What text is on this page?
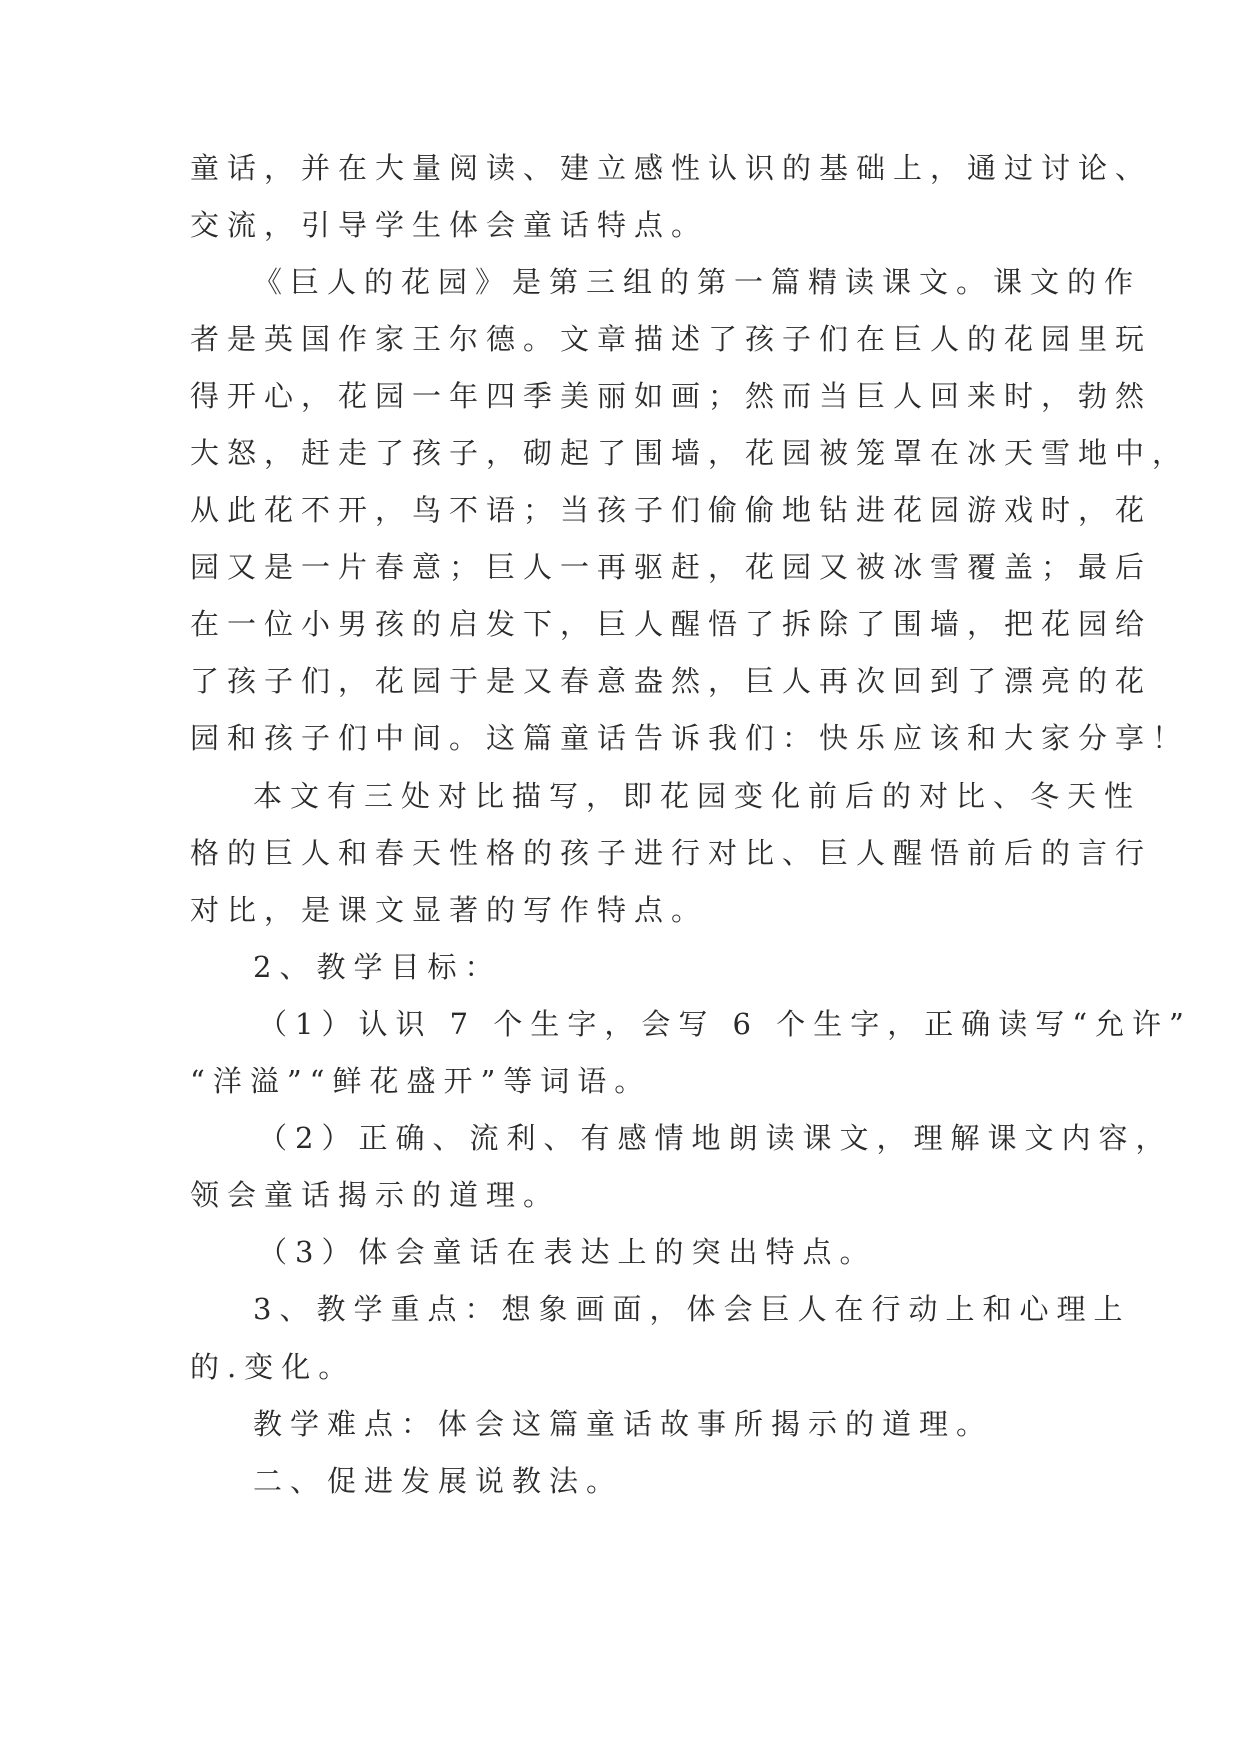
童话，并在大量阅读、建立感性认识的基础上，通过讨论、
交流，引导学生体会童话特点。
《巨人的花园》是第三组的第一篇精读课文。课文的作
者是英国作家王尔德。文章描述了孩子们在巨人的花园里玩
得开心，花园一年四季美丽如画；然而当巨人回来时，勃然
大怒，赶走了孩子，砌起了围墙，花园被笼罩在冰天雪地中，
从此花不开，鸟不语；当孩子们偷偷地钻进花园游戏时，花
园又是一片春意；巨人一再驱赶，花园又被冰雪覆盖；最后
在一位小男孩的启发下，巨人醒悟了拆除了围墙，把花园给
了孩子们，花园于是又春意盎然，巨人再次回到了漂亮的花
园和孩子们中间。这篇童话告诉我们：快乐应该和大家分享！
本文有三处对比描写，即花园变化前后的对比、冬天性
格的巨人和春天性格的孩子进行对比、巨人醒悟前后的言行
对比，是课文显著的写作特点。
2、教学目标：
（1）认识 7 个生字，会写 6 个生字，正确读写“允许”
“洋溢”“鲜花盛开”等词语。
（2）正确、流利、有感情地朗读课文，理解课文内容，
领会童话揭示的道理。
（3）体会童话在表达上的突出特点。
3、教学重点：想象画面，体会巨人在行动上和心理上
的.变化。
教学难点：体会这篇童话故事所揭示的道理。
二、促进发展说教法。
